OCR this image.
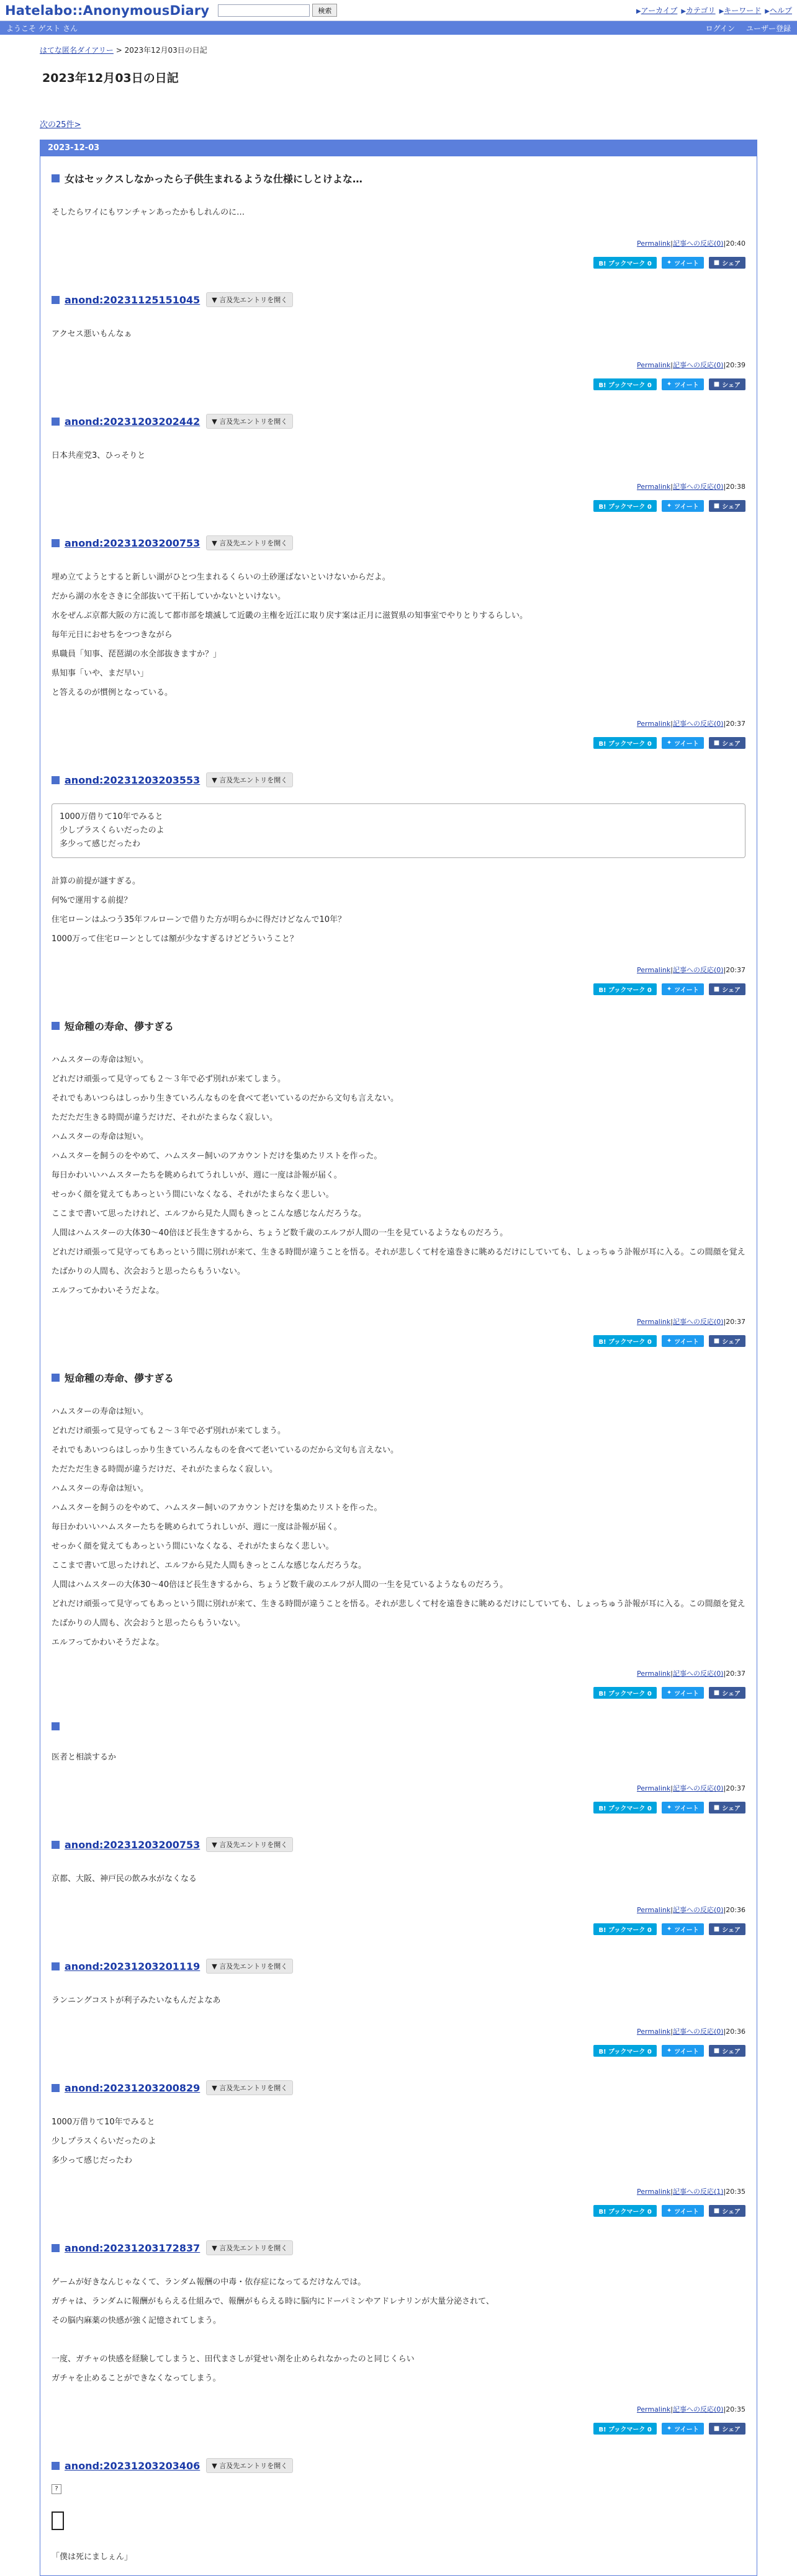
Hatelabo::AnonymousDiary	検索	▶アーカイブ ▶カテゴリ ▶キーワード ▶ヘルプ
ようこそ ゲスト さん	ログイン ユーザー登録
はてな匿名ダイアリー > 2023年12月03日の日記
2023年12月03日の日記
次の25件>
2023-12-03
女はセックスしなかったら子供生まれるような仕様にしとけよな…

そしたらワイにもワンチャンあったかもしれんのに…

Permalink|記事への反応(0)|20:40
B! ブックマーク 0 ✦ ツイート ■ シェア
anond:20231125151045	▼ 言及先エントリを開く

アクセス悪いもんなぁ

Permalink|記事への反応(0)|20:39
B! ブックマーク 0 ✦ ツイート ■ シェア
anond:20231203202442	▼ 言及先エントリを開く

日本共産党3、ひっそりと

Permalink|記事への反応(0)|20:38
B! ブックマーク 0 ✦ ツイート ■ シェア
anond:20231203200753	▼ 言及先エントリを開く

埋め立てようとすると新しい湖がひとつ生まれるくらいの土砂運ばないといけないからだよ。

だから湖の水をさきに全部抜いて干拓していかないといけない。

水をぜんぶ京都大阪の方に流して都市部を壊滅して近畿の主権を近江に取り戻す案は正月に滋賀県の知事室でやりとりするらしい。

毎年元日におせちをつつきながら

県職員「知事、琵琶湖の水全部抜きますか？」

県知事「いや、まだ早い」

と答えるのが慣例となっている。

Permalink|記事への反応(0)|20:37
B! ブックマーク 0 ✦ ツイート ■ シェア
anond:20231203203553	▼ 言及先エントリを開く

1000万借りて10年でみると

少しプラスくらいだったのよ

多少って感じだったわ

計算の前提が謎すぎる。

何%で運用する前提？

住宅ローンはふつう35年フルローンで借りた方が明らかに得だけどなんで10年？

1000万って住宅ローンとしては額が少なすぎるけどどういうこと？

Permalink|記事への反応(0)|20:37
B! ブックマーク 0 ✦ ツイート ■ シェア
短命種の寿命、儚すぎる

ハムスターの寿命は短い。

どれだけ頑張って見守っても２〜３年で必ず別れが来てしまう。

それでもあいつらはしっかり生きていろんなものを食べて老いているのだから文句も言えない。

ただただ生きる時間が違うだけだ、それがたまらなく寂しい。

ハムスターの寿命は短い。

ハムスターを飼うのをやめて、ハムスター飼いのアカウントだけを集めたリストを作った。

毎日かわいいハムスターたちを眺められてうれしいが、週に一度は訃報が届く。

せっかく顔を覚えてもあっという間にいなくなる、それがたまらなく悲しい。

ここまで書いて思ったけれど、エルフから見た人間もきっとこんな感じなんだろうな。

人間はハムスターの大体30〜40倍ほど長生きするから、ちょうど数千歳のエルフが人間の一生を見ているようなものだろう。

どれだけ頑張って見守ってもあっという間に別れが来て、生きる時間が違うことを悟る。それが悲しくて村を遠巻きに眺めるだけにしていても、しょっちゅう訃報が耳に入る。この間顔を覚えたばかりの人間も、次会おうと思ったらもういない。

エルフってかわいそうだよな。

Permalink|記事への反応(0)|20:37
B! ブックマーク 0 ✦ ツイート ■ シェア
短命種の寿命、儚すぎる

ハムスターの寿命は短い。

どれだけ頑張って見守っても２〜３年で必ず別れが来てしまう。

それでもあいつらはしっかり生きていろんなものを食べて老いているのだから文句も言えない。

ただただ生きる時間が違うだけだ、それがたまらなく寂しい。

ハムスターの寿命は短い。

ハムスターを飼うのをやめて、ハムスター飼いのアカウントだけを集めたリストを作った。

毎日かわいいハムスターたちを眺められてうれしいが、週に一度は訃報が届く。

せっかく顔を覚えてもあっという間にいなくなる、それがたまらなく悲しい。

ここまで書いて思ったけれど、エルフから見た人間もきっとこんな感じなんだろうな。

人間はハムスターの大体30〜40倍ほど長生きするから、ちょうど数千歳のエルフが人間の一生を見ているようなものだろう。

どれだけ頑張って見守ってもあっという間に別れが来て、生きる時間が違うことを悟る。それが悲しくて村を遠巻きに眺めるだけにしていても、しょっちゅう訃報が耳に入る。この間顔を覚えたばかりの人間も、次会おうと思ったらもういない。

エルフってかわいそうだよな。

Permalink|記事への反応(0)|20:37
B! ブックマーク 0 ✦ ツイート ■ シェア

医者と相談するか

Permalink|記事への反応(0)|20:37
B! ブックマーク 0 ✦ ツイート ■ シェア
anond:20231203200753	▼ 言及先エントリを開く

京都、大阪、神戸民の飲み水がなくなる

Permalink|記事への反応(0)|20:36
B! ブックマーク 0 ✦ ツイート ■ シェア
anond:20231203201119	▼ 言及先エントリを開く

ランニングコストが利子みたいなもんだよなあ

Permalink|記事への反応(0)|20:36
B! ブックマーク 0 ✦ ツイート ■ シェア
anond:20231203200829	▼ 言及先エントリを開く

1000万借りて10年でみると

少しプラスくらいだったのよ

多少って感じだったわ

Permalink|記事への反応(1)|20:35
B! ブックマーク 0 ✦ ツイート ■ シェア
anond:20231203172837	▼ 言及先エントリを開く

ゲームが好きなんじゃなくて、ランダム報酬の中毒・依存症になってるだけなんでは。

ガチャは、ランダムに報酬がもらえる仕組みで、報酬がもらえる時に脳内にドーパミンやアドレナリンが大量分泌されて、

その脳内麻薬の快感が強く記憶されてしまう。

一度、ガチャの快感を経験してしまうと、田代まさしが覚せい剤を止められなかったのと同じくらい

ガチャを止めることができなくなってしまう。

Permalink|記事への反応(0)|20:35
B! ブックマーク 0 ✦ ツイート ■ シェア
anond:20231203203406	▼ 言及先エントリを開く
?

「僕は死にましぇん」
